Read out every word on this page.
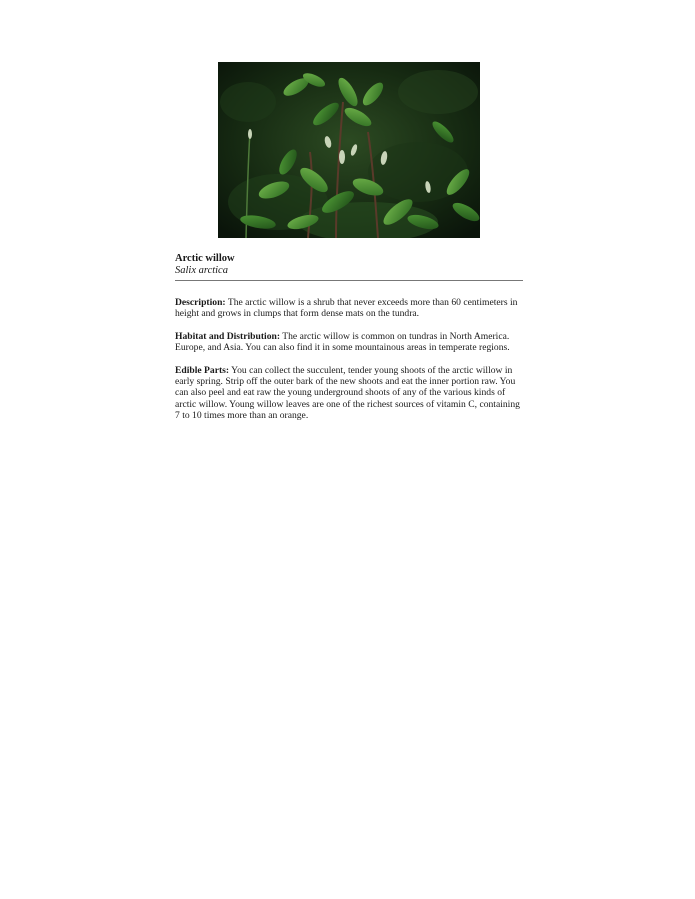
Arctic willow

Salix arctica

Description: The arctic willow is a shrub that never exceeds more than 60 centimeters in height and grows in clumps that form dense mats on the tundra.

Habitat and Distribution: The arctic willow is common on tundras in North America. Europe, and Asia. You can also find it in some mountainous areas in temperate regions.

Edible Parts: You can collect the succulent, tender young shoots of the arctic willow in early spring. Strip off the outer bark of the new shoots and eat the inner portion raw. You can also peel and eat raw the young underground shoots of any of the various kinds of arctic willow. Young willow leaves are one of the richest sources of vitamin C, containing 7 to 10 times more than an orange.
